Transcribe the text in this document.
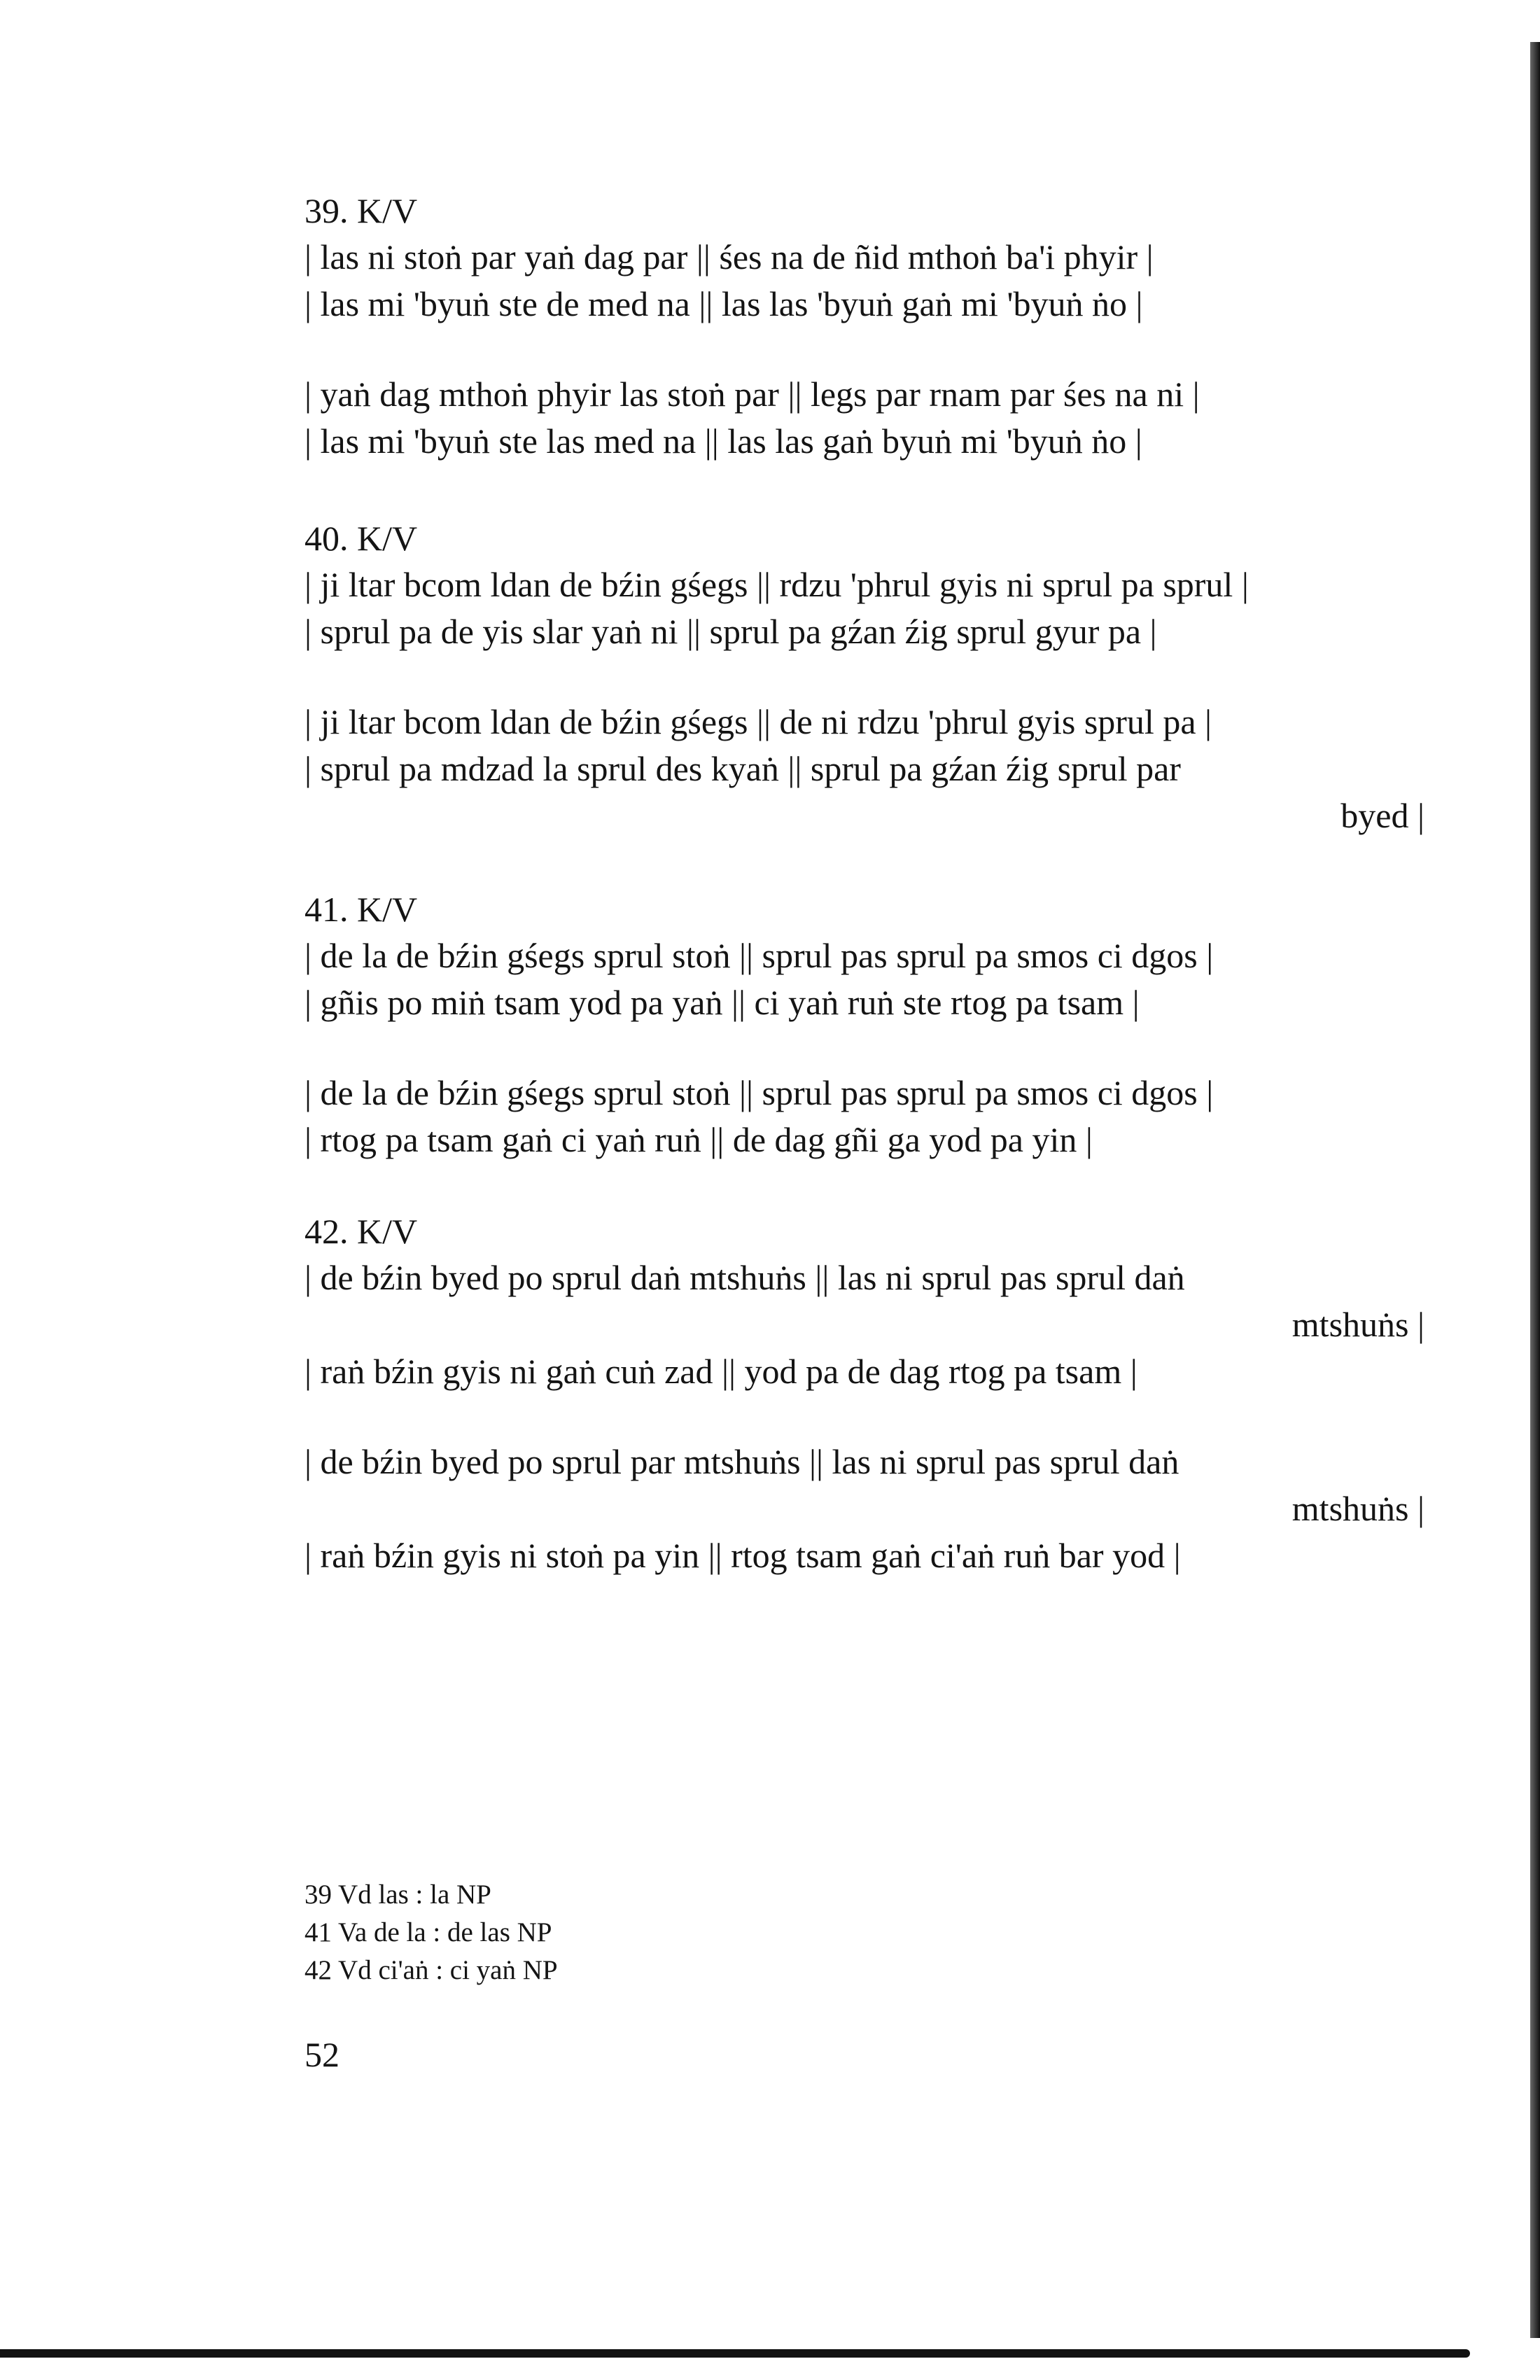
39. K/V
| las ni stoṅ par yaṅ dag par || śes na de ñid mthoṅ ba'i phyir |
| las mi 'byuṅ ste de med na || las las 'byuṅ gaṅ mi 'byuṅ ṅo |
| yaṅ dag mthoṅ phyir las stoṅ par || legs par rnam par śes na ni |
| las mi 'byuṅ ste las med na || las las gaṅ byuṅ mi 'byuṅ ṅo |
40. K/V
| ji ltar bcom ldan de bźin gśegs || rdzu 'phrul gyis ni sprul pa sprul |
| sprul pa de yis slar yaṅ ni || sprul pa gźan źig sprul gyur pa |
| ji ltar bcom ldan de bźin gśegs || de ni rdzu 'phrul gyis sprul pa |
| sprul pa mdzad la sprul des kyaṅ || sprul pa gźan źig sprul par
byed |
41. K/V
| de la de bźin gśegs sprul stoṅ || sprul pas sprul pa smos ci dgos |
| gñis po miṅ tsam yod pa yaṅ || ci yaṅ ruṅ ste rtog pa tsam |
| de la de bźin gśegs sprul stoṅ || sprul pas sprul pa smos ci dgos |
| rtog pa tsam gaṅ ci yaṅ ruṅ || de dag gñi ga yod pa yin |
42. K/V
| de bźin byed po sprul daṅ mtshuṅs || las ni sprul pas sprul daṅ
mtshuṅs |
| raṅ bźin gyis ni gaṅ cuṅ zad || yod pa de dag rtog pa tsam |
| de bźin byed po sprul par mtshuṅs || las ni sprul pas sprul daṅ
mtshuṅs |
| raṅ bźin gyis ni stoṅ pa yin || rtog tsam gaṅ ci'aṅ ruṅ bar yod |
39 Vd las : la NP
41 Va de la : de las NP
42 Vd ci'aṅ : ci yaṅ NP
52
